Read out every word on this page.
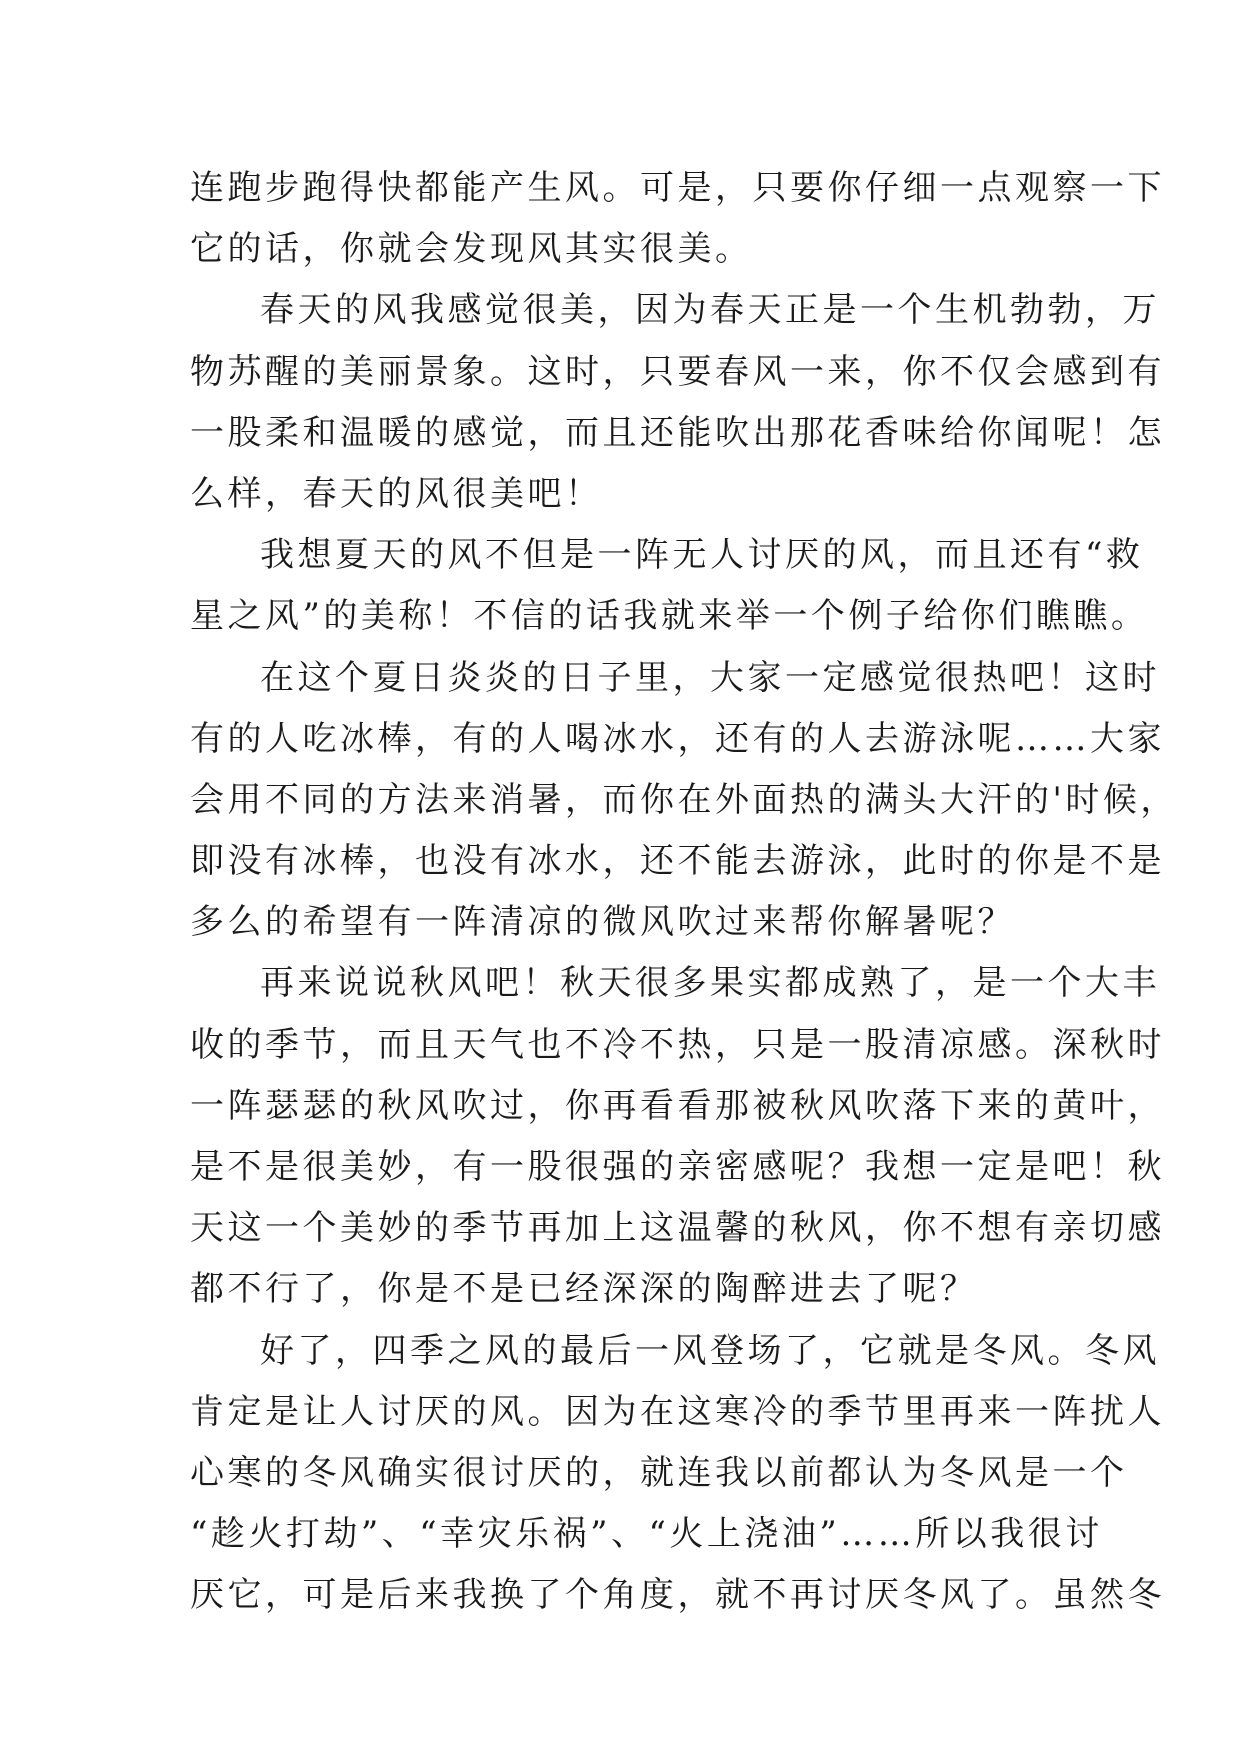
连跑步跑得快都能产生风。可是，只要你仔细一点观察一下
它的话，你就会发现风其实很美。
春天的风我感觉很美，因为春天正是一个生机勃勃，万
物苏醒的美丽景象。这时，只要春风一来，你不仅会感到有
一股柔和温暖的感觉，而且还能吹出那花香味给你闻呢！怎
么样，春天的风很美吧！
我想夏天的风不但是一阵无人讨厌的风，而且还有“救
星之风”的美称！不信的话我就来举一个例子给你们瞧瞧。
在这个夏日炎炎的日子里，大家一定感觉很热吧！这时
有的人吃冰棒，有的人喝冰水，还有的人去游泳呢……大家
会用不同的方法来消暑，而你在外面热的满头大汗的'时候，
即没有冰棒，也没有冰水，还不能去游泳，此时的你是不是
多么的希望有一阵清凉的微风吹过来帮你解暑呢？
再来说说秋风吧！秋天很多果实都成熟了，是一个大丰
收的季节，而且天气也不冷不热，只是一股清凉感。深秋时
一阵瑟瑟的秋风吹过，你再看看那被秋风吹落下来的黄叶，
是不是很美妙，有一股很强的亲密感呢？我想一定是吧！秋
天这一个美妙的季节再加上这温馨的秋风，你不想有亲切感
都不行了，你是不是已经深深的陶醉进去了呢？
好了，四季之风的最后一风登场了，它就是冬风。冬风
肯定是让人讨厌的风。因为在这寒冷的季节里再来一阵扰人
心寒的冬风确实很讨厌的，就连我以前都认为冬风是一个
“趁火打劫”、“幸灾乐祸”、“火上浇油”……所以我很讨
厌它，可是后来我换了个角度，就不再讨厌冬风了。虽然冬
